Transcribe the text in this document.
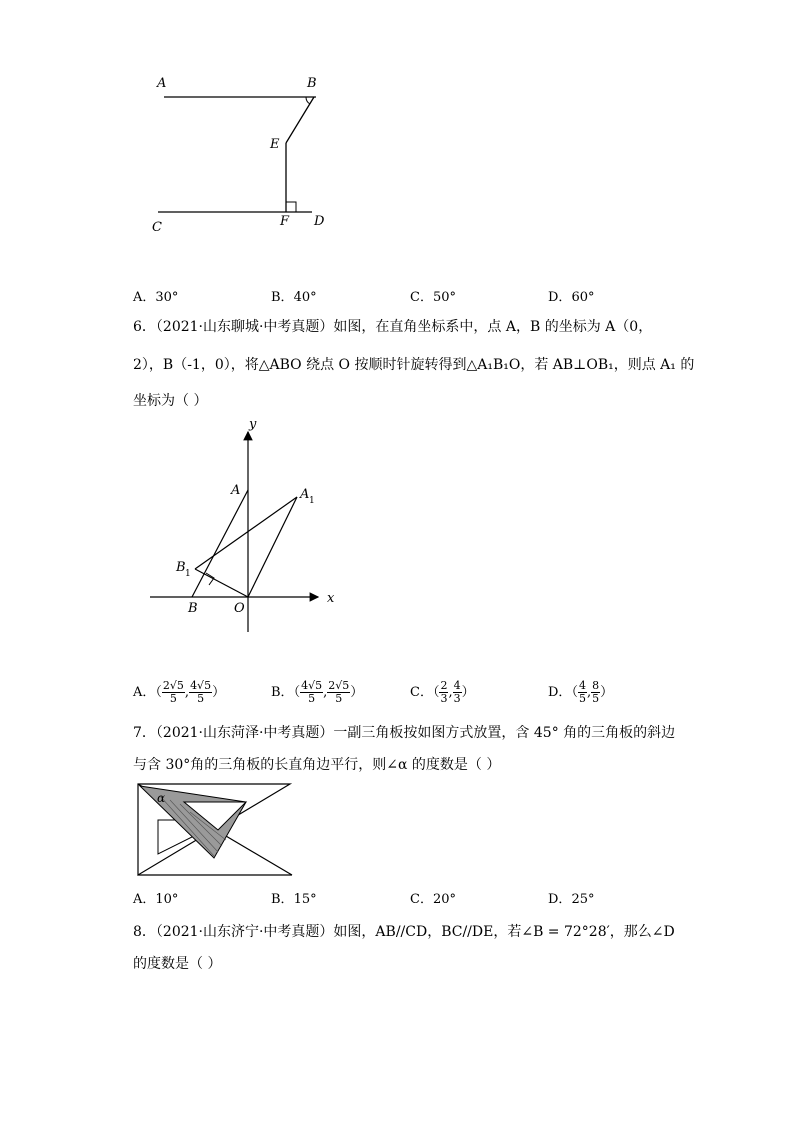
A	B
E
C	F D
A．30°	B．40°	C．50°	D．60°
6．（2021·山东聊城·中考真题）如图，在直角坐标系中，点 A，B 的坐标为 A（0，
2），B（-1，0），将△ABO 绕点 O 按顺时针旋转得到△A₁B₁O，若 AB⊥OB₁，则点 A₁ 的
坐标为（ ）
y
x
A	A 1
B 1
B	O
A．（ $\frac{2√5}{5}$ , $\frac{4√5}{5}$ ）	B．（ $\frac{4√5}{5}$ , $\frac{2√5}{5}$ ）	C．（ $\frac{2}{3}$ , $\frac{4}{3}$ ）	D．（ $\frac{4}{5}$ , $\frac{8}{5}$ ）
7．（2021·山东菏泽·中考真题）一副三角板按如图方式放置，含 45° 角的三角板的斜边
与含 30°角的三角板的长直角边平行，则∠α 的度数是（ ）
α
A．10°	B．15°	C．20°	D．25°
8．（2021·山东济宁·中考真题）如图，AB//CD，BC//DE，若∠B = 72°28′，那么∠D
的度数是（ ）
